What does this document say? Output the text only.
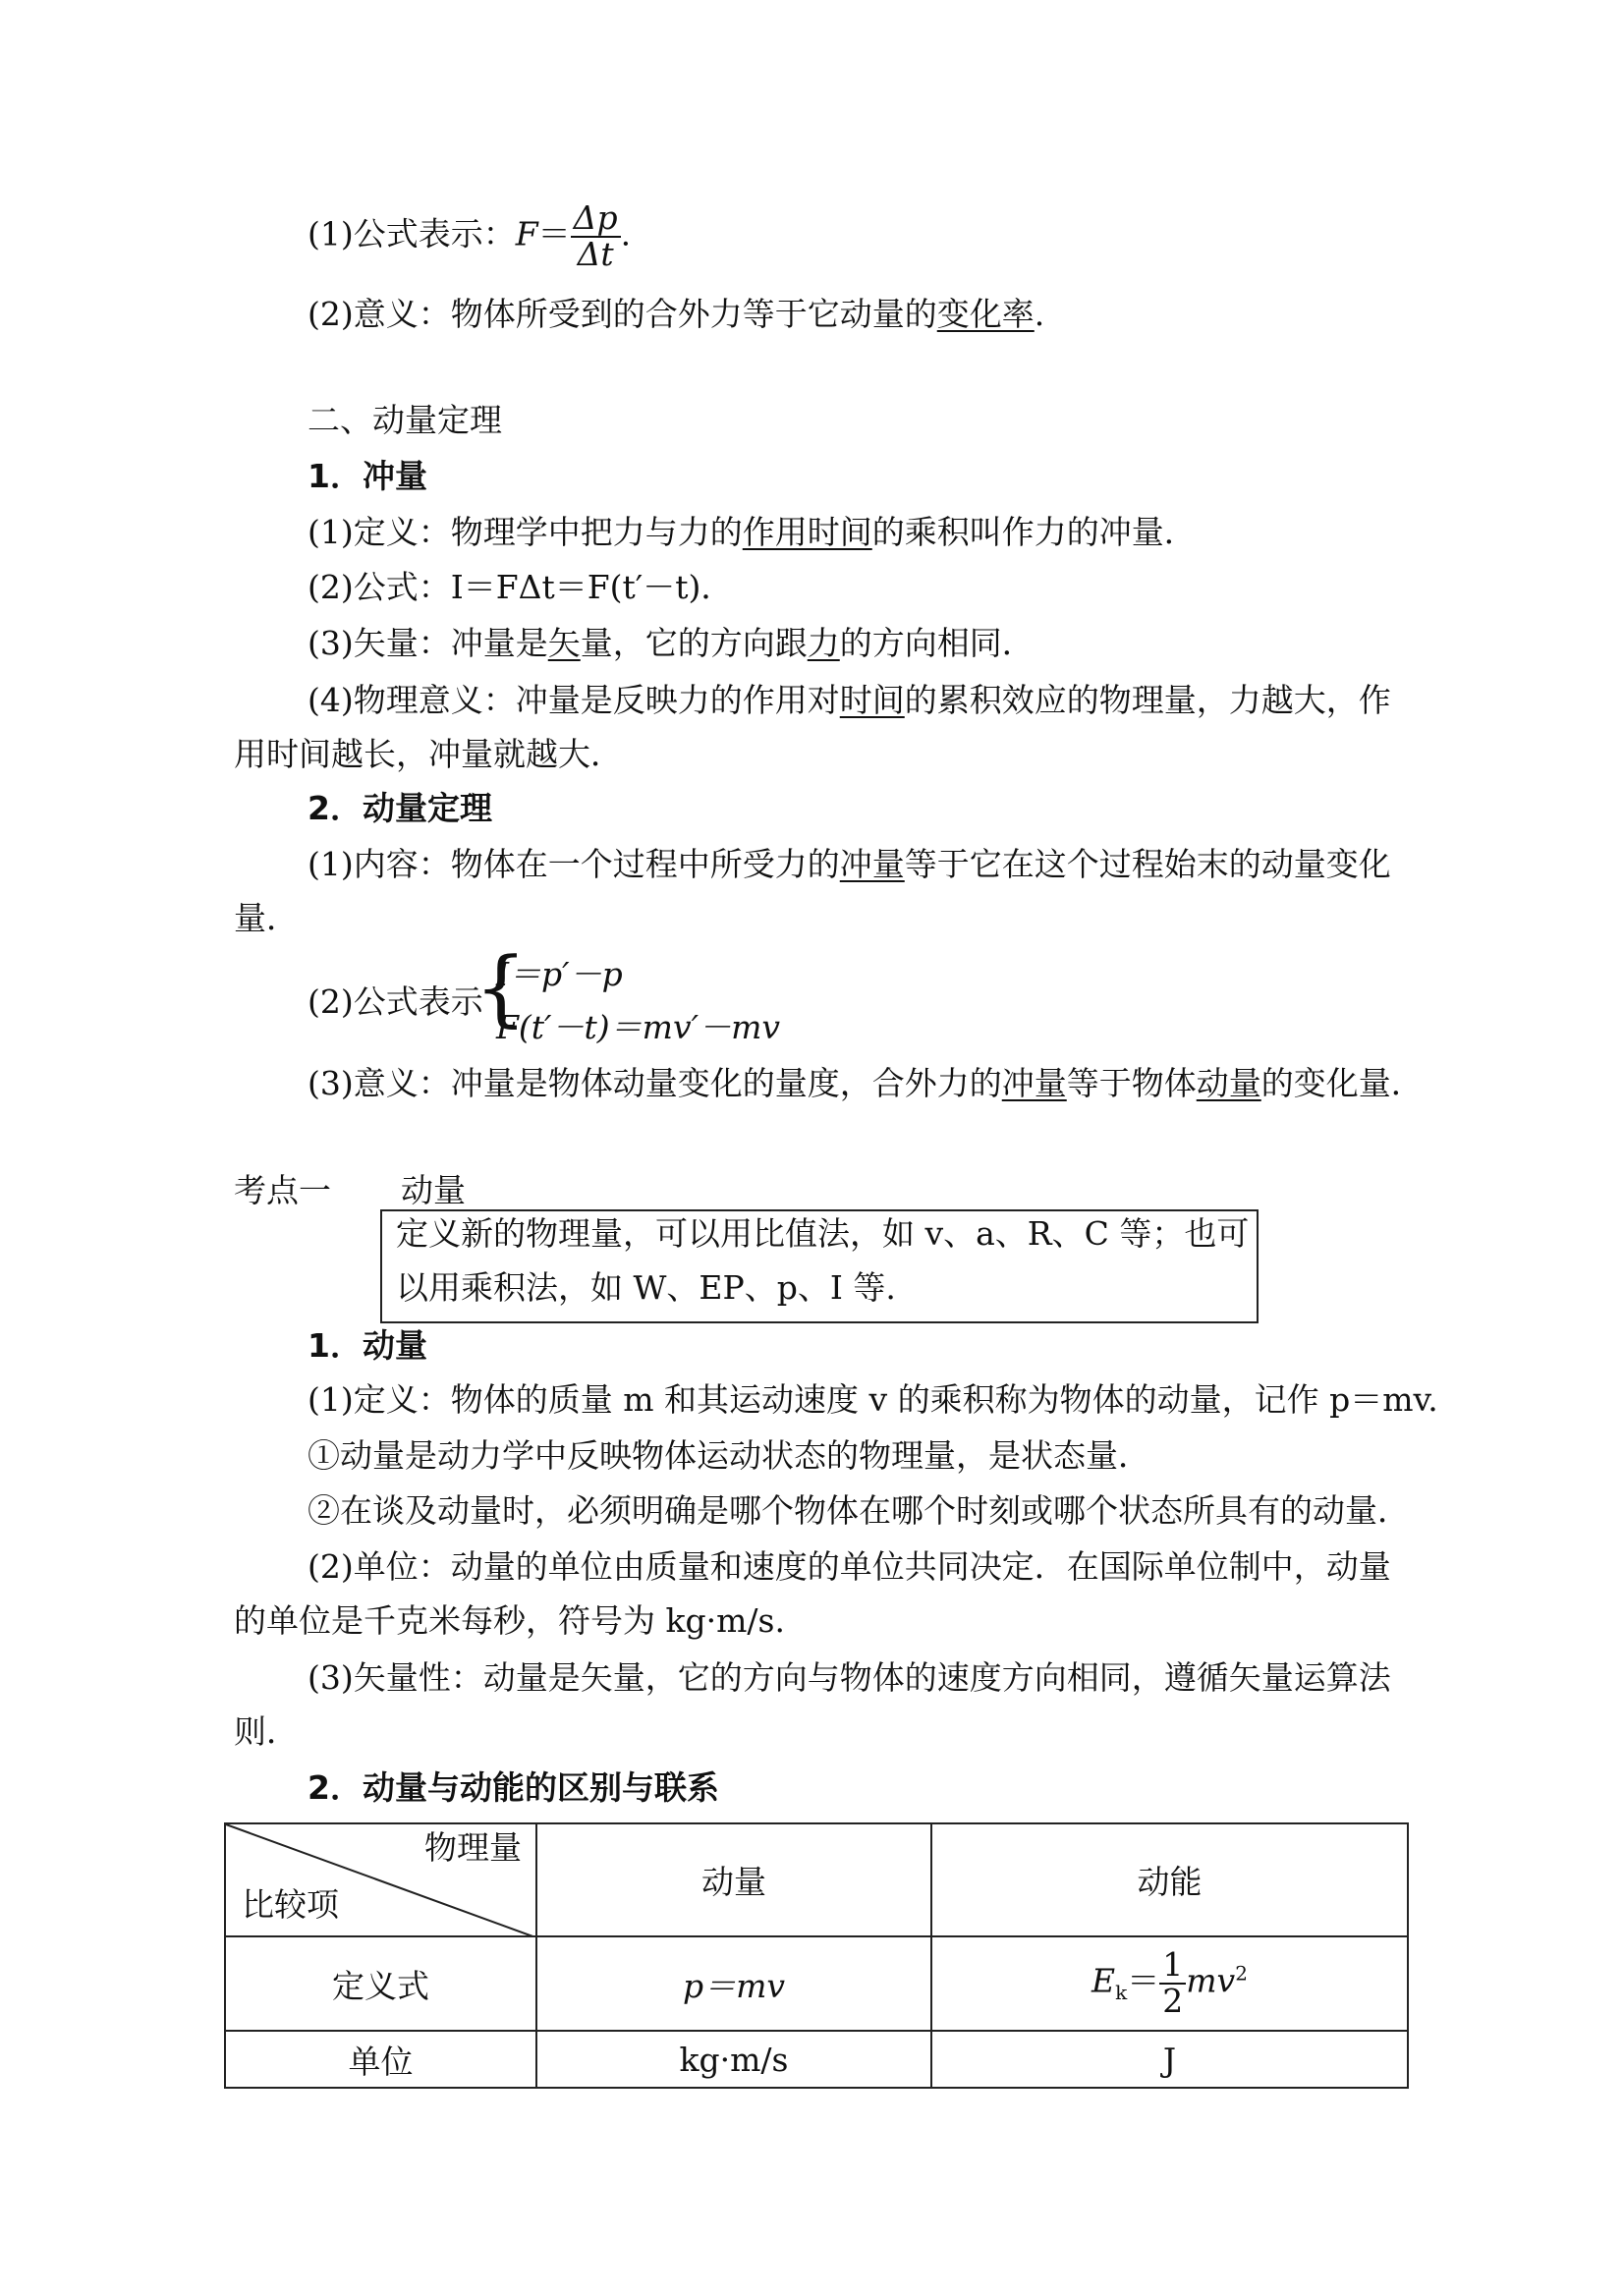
(1)公式表示：$F= \frac{\Delta p}{\Delta t}$ .
(2)意义：物体所受到的合外力等于它动量的变化率.
二、动量定理
1．冲量
(1)定义：物理学中把力与力的作用时间的乘积叫作力的冲量．
(2)公式：I＝FΔt＝F(t′－t)．
(3)矢量：冲量是矢量，它的方向跟力的方向相同．
(4)物理意义：冲量是反映力的作用对时间的累积效应的物理量，力越大，作
用时间越长，冲量就越大．
2．动量定理
(1)内容：物体在一个过程中所受力的冲量等于它在这个过程始末的动量变化
量．
(2)公式表示
{
I＝p′－p
F(t′－t)＝mv′－mv
(3)意义：冲量是物体动量变化的量度，合外力的冲量等于物体动量的变化量．
考点一 动量
定义新的物理量，可以用比值法，如 v、a、R、C 等；也可
以用乘积法，如 W、EP、p、I 等.
1．动量
(1)定义：物体的质量 m 和其运动速度 v 的乘积称为物体的动量，记作 p＝mv.
①动量是动力学中反映物体运动状态的物理量，是状态量．
②在谈及动量时，必须明确是哪个物体在哪个时刻或哪个状态所具有的动量．
(2)单位：动量的单位由质量和速度的单位共同决定．在国际单位制中，动量
的单位是千克米每秒，符号为 kg·m/s.
(3)矢量性：动量是矢量，它的方向与物体的速度方向相同，遵循矢量运算法
则．
2．动量与动能的区别与联系
物理量
比较项	动量	动能
定义式	p＝mv	$E_k= \frac{1}{2} mv^2$
单位	kg·m/s	J
